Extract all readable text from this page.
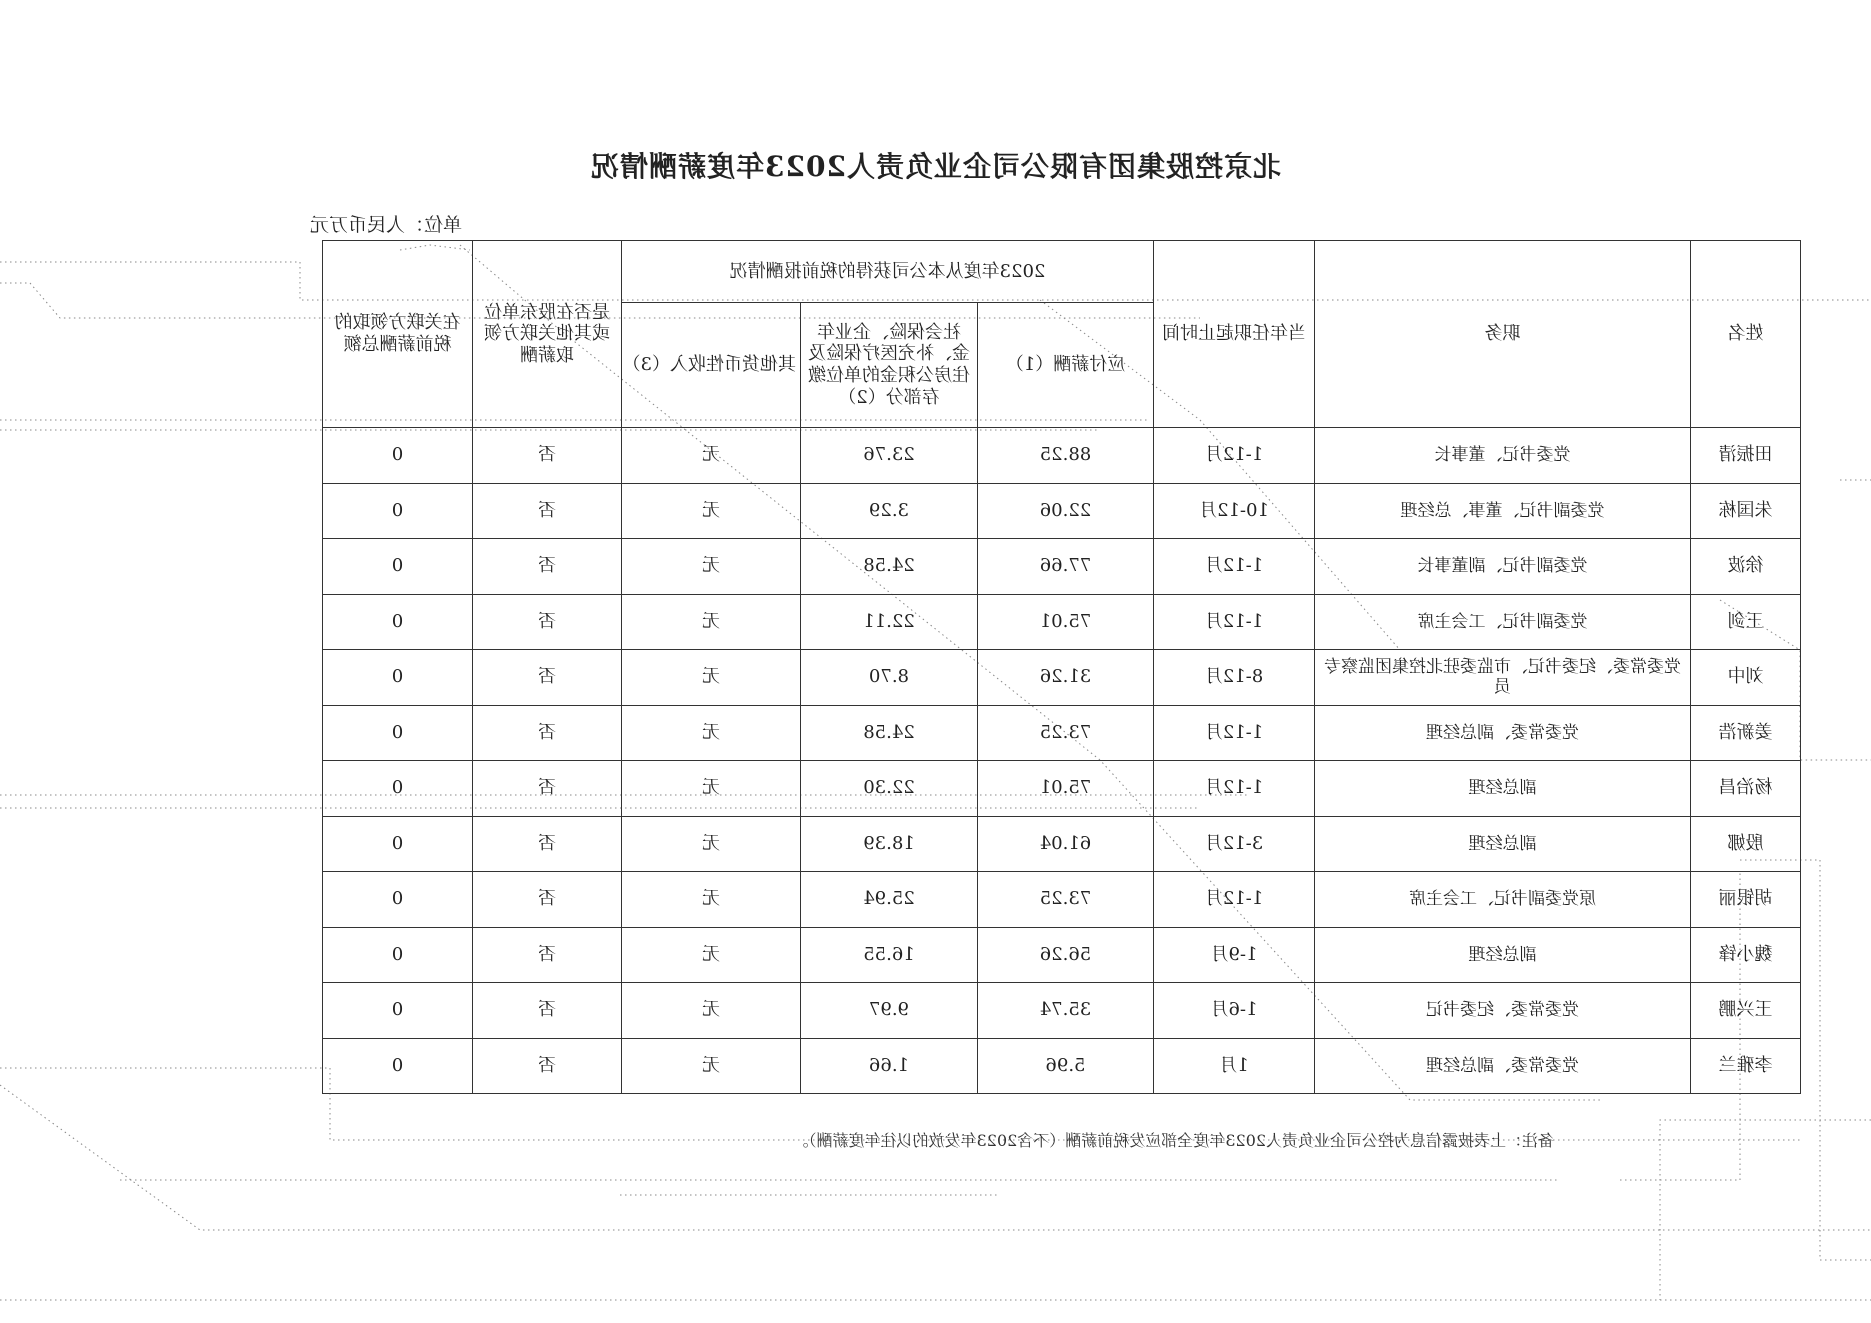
北京控股集团有限公司企业负责人2023年度薪酬情况
单位：人民币万元
姓名	职务	当年任职起止时间	2023年度从本公司获得的税前报酬情况			是否在股东单位或其他关联方领取薪酬	在关联方领取的税前薪酬总额
			应付薪酬（1）	社会保险、企业年金、补充医疗保险及住房公积金的单位缴存部分（2）	其他货币性收入（3）		
田振清	党委书记、董事长	1-12月	88.25	23.76	无	否	0
朱国栋	党委副书记、董事、总经理	10-12月	22.06	3.29	无	否	0
徐波	党委副书记、副董事长	1-12月	77.66	24.58	无	否	0
王剑	党委副书记、工会主席	1-12月	75.01	22.11	无	否	0
刘中	党委常委、纪委书记、市监委驻北控集团监察专员	8-12月	31.26	8.70	无	否	0
姜新浩	党委常委、副总经理	1-12月	73.25	24.58	无	否	0
杨治昌	副总经理	1-12月	75.01	22.30	无	否	0
殷娜	副总经理	3-12月	61.04	18.39	无	否	0
胡银丽	原党委副书记、工会主席	1-12月	73.25	25.94	无	否	0
魏小锋	副总经理	1-9月	56.26	16.55	无	否	0
王兴鹏	党委常委、纪委书记	1-6月	35.74	9.97	无	否	0
李雅兰	党委常委、副总经理	1月	5.96	1.66	无	否	0
备注：上表披露信息为控公司企业负责人2023年度全部应发税前薪酬（不含2023年发放的以往年度薪酬）。
